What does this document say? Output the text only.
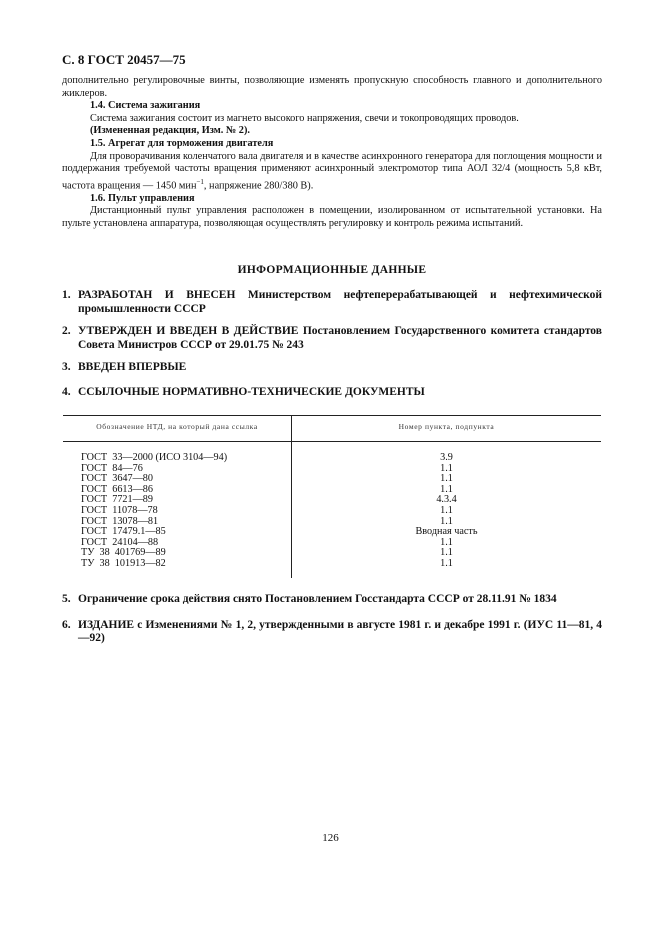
С. 8 ГОСТ 20457—75

дополнительно регулировочные винты, позволяющие изменять пропускную способность главного и дополнительного жиклеров.

1.4. Система зажигания

Система зажигания состоит из магнето высокого напряжения, свечи и токопроводящих проводов.

(Измененная редакция, Изм. № 2).

1.5. Агрегат для торможения двигателя

Для проворачивания коленчатого вала двигателя и в качестве асинхронного генератора для поглощения мощности и поддержания требуемой частоты вращения применяют асинхронный электромотор типа АОЛ 32/4 (мощность 5,8 кВт, частота вращения — 1450 мин$^{-1}$, напряжение 280/380 В).

1.6. Пульт управления

Дистанционный пульт управления расположен в помещении, изолированном от испытательной установки. На пульте установлена аппаратура, позволяющая осуществлять регулировку и контроль режима испытаний.

ИНФОРМАЦИОННЫЕ ДАННЫЕ
1. РАЗРАБОТАН И ВНЕСЕН Министерством нефтеперерабатывающей и нефтехимической промышленности СССР
2. УТВЕРЖДЕН И ВВЕДЕН В ДЕЙСТВИЕ Постановлением Государственного комитета стандартов Совета Министров СССР от 29.01.75 № 243
3. ВВЕДЕН ВПЕРВЫЕ
4. ССЫЛОЧНЫЕ НОРМАТИВНО-ТЕХНИЧЕСКИЕ ДОКУМЕНТЫ
Обозначение НТД, на который дана ссылка	Номер пункта, подпункта
ГОСТ  33—2000 (ИСО 3104—94)	3.9
ГОСТ  84—76	1.1
ГОСТ  3647—80	1.1
ГОСТ  6613—86	1.1
ГОСТ  7721—89	4.3.4
ГОСТ  11078—78	1.1
ГОСТ  13078—81	1.1
ГОСТ  17479.1—85	Вводная часть
ГОСТ  24104—88	1.1
ТУ  38  401769—89	1.1
ТУ  38  101913—82	1.1
5. Ограничение срока действия снято Постановлением Госстандарта СССР от 28.11.91 № 1834
6. ИЗДАНИЕ с Изменениями № 1, 2, утвержденными в августе 1981 г. и декабре 1991 г. (ИУС 11—81, 4—92)
126
